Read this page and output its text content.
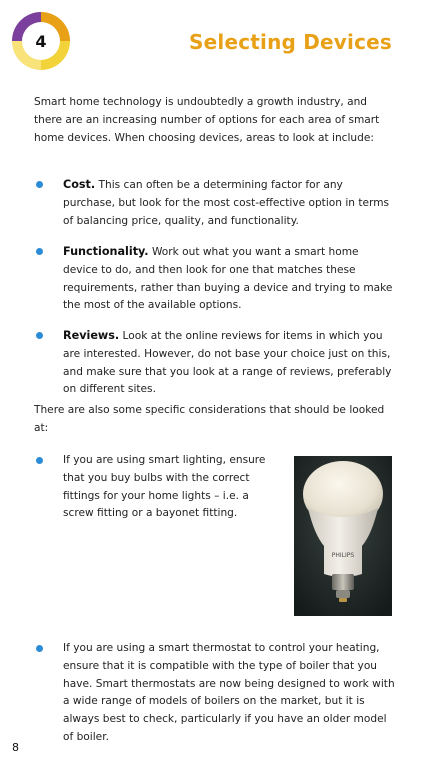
4	Selecting Devices

Smart home technology is undoubtedly a growth industry, and there are an increasing number of options for each area of smart home devices. When choosing devices, areas to look at include:

Cost. This can often be a determining factor for any purchase, but look for the most cost-effective option in terms of balancing price, quality, and functionality.
Functionality. Work out what you want a smart home device to do, and then look for one that matches these requirements, rather than buying a device and trying to make the most of the available options.
Reviews. Look at the online reviews for items in which you are interested. However, do not base your choice just on this, and make sure that you look at a range of reviews, preferably on different sites.

There are also some specific considerations that should be looked at:

If you are using smart lighting, ensure that you buy bulbs with the correct fittings for your home lights – i.e. a screw fitting or a bayonet fitting.
PHILIPS
If you are using a smart thermostat to control your heating, ensure that it is compatible with the type of boiler that you have. Smart thermostats are now being designed to work with a wide range of models of boilers on the market, but it is always best to check, particularly if you have an older model of boiler.
8
